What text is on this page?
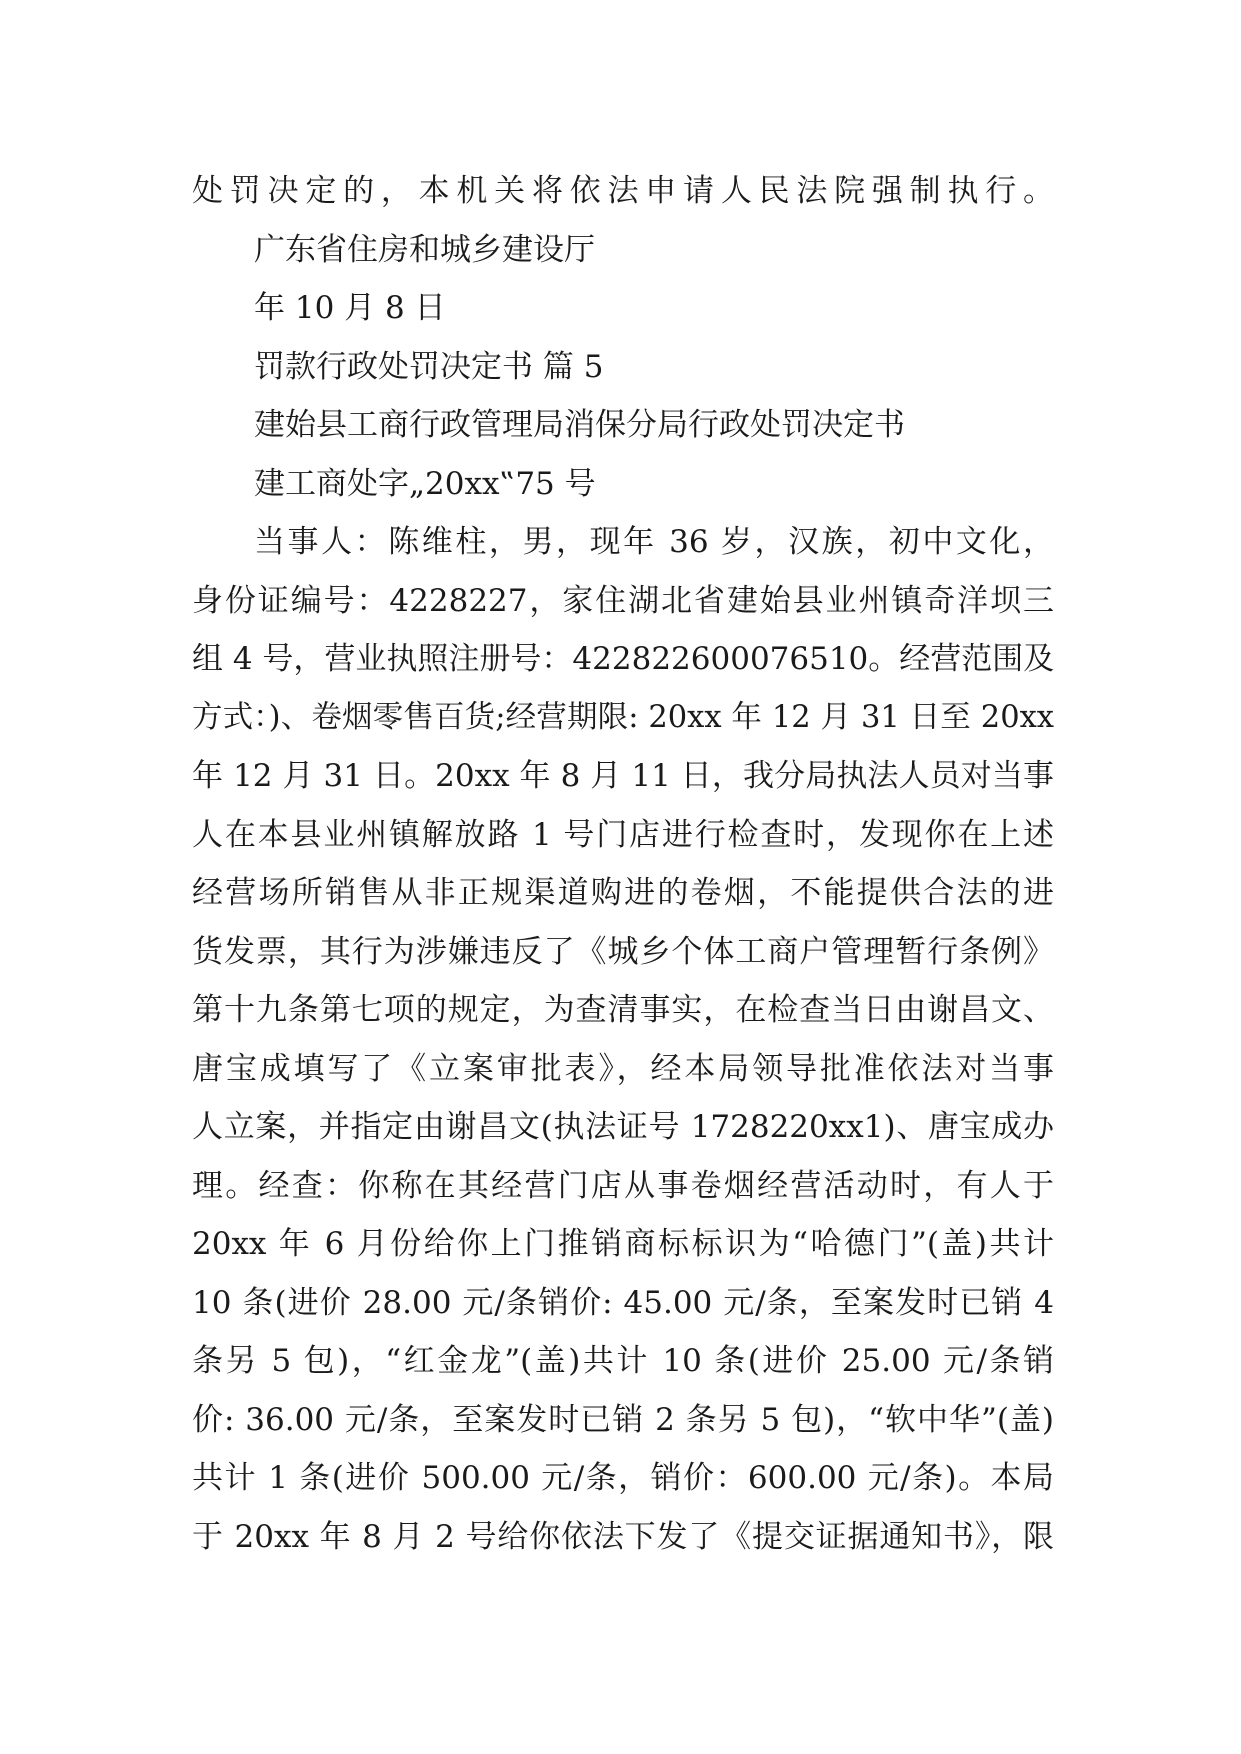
处罚决定的，本机关将依法申请人民法院强制执行。
广东省住房和城乡建设厅
年 10 月 8 日
罚款行政处罚决定书 篇 5
建始县工商行政管理局消保分局行政处罚决定书
建工商处字„20xx‟75 号
当事人：陈维柱，男，现年 36 岁，汉族，初中文化，
身份证编号：4228227，家住湖北省建始县业州镇奇洋坝三
组 4 号，营业执照注册号：422822600076510。经营范围及
方式：)、卷烟零售百货;经营期限: 20xx 年 12 月 31 日至 20xx
年 12 月 31 日。20xx 年 8 月 11 日，我分局执法人员对当事
人在本县业州镇解放路 1 号门店进行检查时，发现你在上述
经营场所销售从非正规渠道购进的卷烟，不能提供合法的进
货发票，其行为涉嫌违反了《城乡个体工商户管理暂行条例》
第十九条第七项的规定，为查清事实，在检查当日由谢昌文、
唐宝成填写了《立案审批表》，经本局领导批准依法对当事
人立案，并指定由谢昌文(执法证号 1728220xx1)、唐宝成办
理。经查：你称在其经营门店从事卷烟经营活动时，有人于
20xx 年 6 月份给你上门推销商标标识为“哈德门”(盖)共计
10 条(进价 28.00 元/条销价: 45.00 元/条，至案发时已销 4
条另 5 包)，“红金龙”(盖)共计 10 条(进价 25.00 元/条销
价: 36.00 元/条，至案发时已销 2 条另 5 包)，“软中华”(盖)
共计 1 条(进价 500.00 元/条，销价：600.00 元/条)。本局
于 20xx 年 8 月 2 号给你依法下发了《提交证据通知书》，限
